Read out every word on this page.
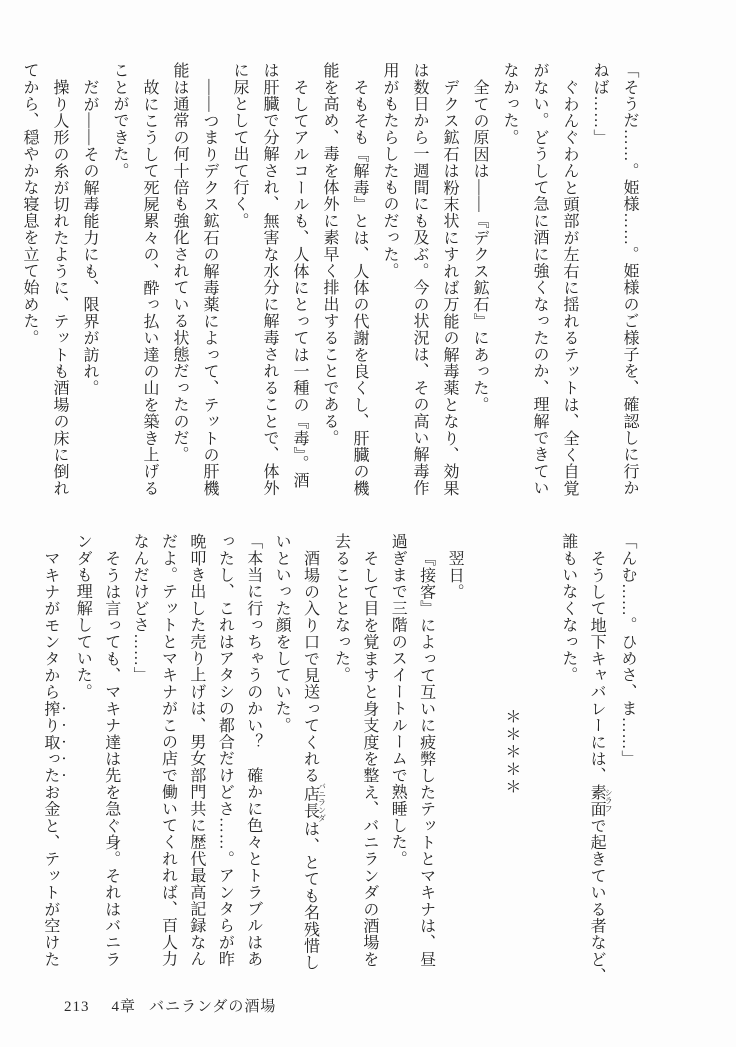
「そうだ……。姫様……。姫様のご様子を、確認しに行か

ねば……」

ぐわんぐわんと頭部が左右に揺れるテットは、全く自覚

がない。どうして急に酒に強くなったのか、理解できてい

なかった。

全ての原因は――『デクス鉱石』にあった。

デクス鉱石は粉末状にすれば万能の解毒薬となり、効果

は数日から一週間にも及ぶ。今の状況は、その高い解毒作

用がもたらしたものだった。

そもそも『解毒』とは、人体の代謝を良くし、肝臓の機

能を高め、毒を体外に素早く排出することである。

そしてアルコールも、人体にとっては一種の『毒』。酒

は肝臓で分解され、無害な水分に解毒されることで、体外

に尿として出て行く。

――つまりデクス鉱石の解毒薬によって、テットの肝機

能は通常の何十倍も強化されている状態だったのだ。

故にこうして死屍累々の、酔っ払い達の山を築き上げる

ことができた。

だが――その解毒能力にも、限界が訪れ。

操り人形の糸が切れたように、テットも酒場の床に倒れ

てから、穏やかな寝息を立て始めた。

「んむ……。ひめさ、ま……」

そうして地下キャバレーには、素面 シラフで起きている者など、

誰もいなくなった。

＊＊＊＊＊

翌日。

『接客』によって互いに疲弊したテットとマキナは、昼

過ぎまで三階のスイートルームで熟睡した。

そして目を覚ますと身支度を整え、バニランダの酒場を

去ることとなった。

酒場の入り口で見送ってくれる店長 バニランダは、とても名残惜し

いといった顔をしていた。

「本当に行っちゃうのかい？　確かに色々とトラブルはあ

ったし、これはアタシの都合だけどさ……。アンタらが昨

晩叩き出した売り上げは、男女部門共に歴代最高記録なん

だよ。テットとマキナがこの店で働いてくれれば、百人力

なんだけどさ……」

そうは言っても、マキナ達は先を急ぐ身。それはバニラ

ンダも理解していた。

マキナがモンタから搾り取ったお金と、テットが空けた

213 4章 バニランダの酒場
